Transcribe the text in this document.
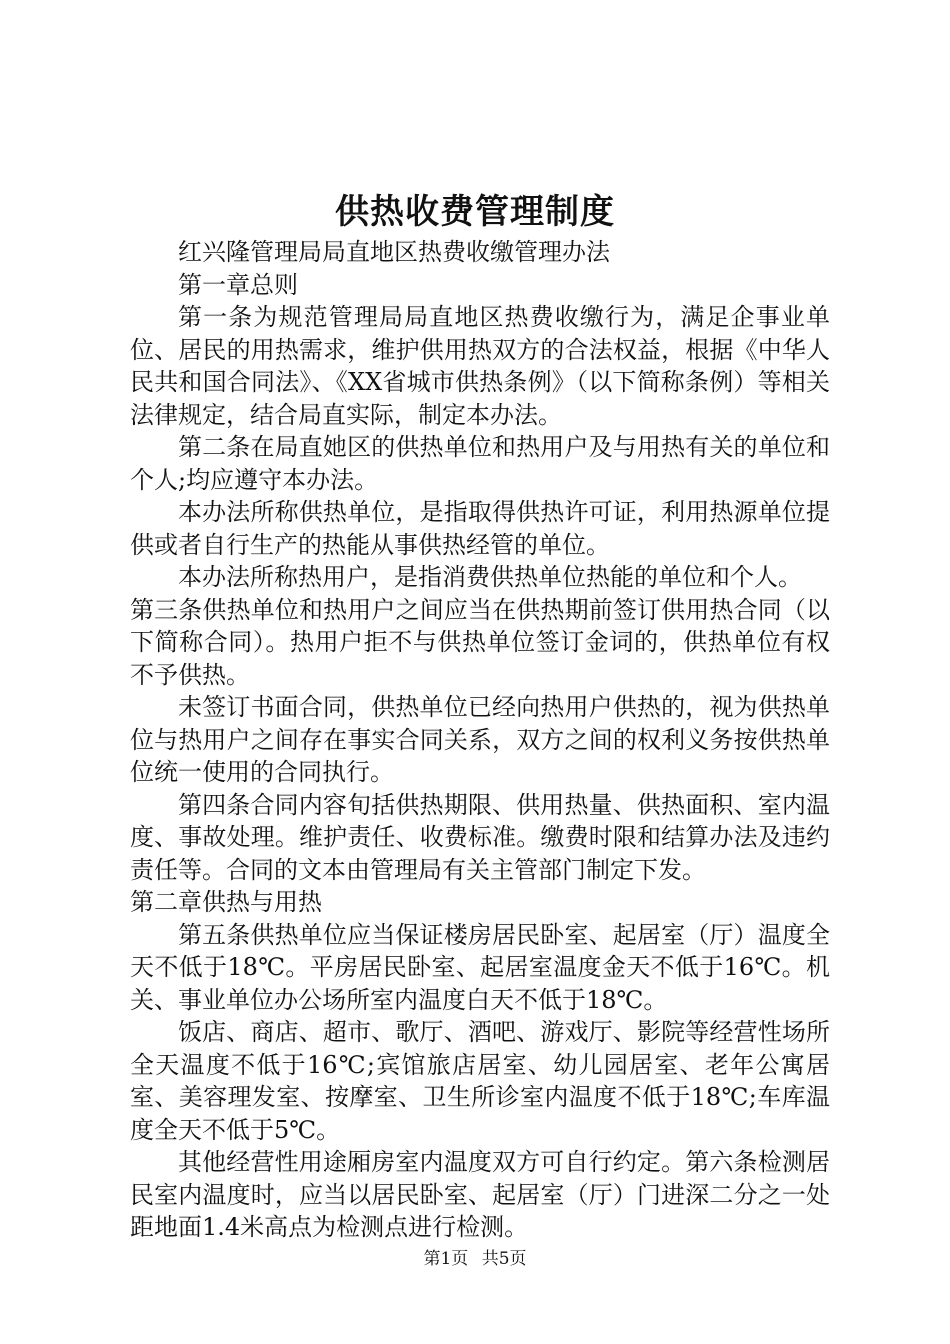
供热收费管理制度

红兴隆管理局局直地区热费收缴管理办法

第一章总则

第一条为规范管理局局直地区热费收缴行为，满足企事业单位、居民的用热需求，维护供用热双方的合法权益，根据《中华人民共和国合同法》、《XX省城市供热条例》（以下简称条例）等相关法律规定，结合局直实际，制定本办法。

第二条在局直她区的供热单位和热用户及与用热有关的单位和个人;均应遵守本办法。

本办法所称供热单位，是指取得供热许可证，利用热源单位提供或者自行生产的热能从事供热经管的单位。

本办法所称热用户，是指消费供热单位热能的单位和个人。

第三条供热单位和热用户之间应当在供热期前签订供用热合同（以下简称合同）。热用户拒不与供热单位签订金词的，供热单位有权不予供热。

未签订书面合同，供热单位已经向热用户供热的，视为供热单位与热用户之间存在事实合同关系，双方之间的权利义务按供热单位统一使用的合同执行。

第四条合同内容旬括供热期限、供用热量、供热面积、室内温度、事故处理。维护责任、收费标准。缴费时限和结算办法及违约责任等。合同的文本由管理局有关主管部门制定下发。

第二章供热与用热

第五条供热单位应当保证楼房居民卧室、起居室（厅）温度全天不低于18℃。平房居民卧室、起居室温度金天不低于16℃。机关、事业单位办公场所室内温度白天不低于18℃。

饭店、商店、超市、歌厅、酒吧、游戏厅、影院等经营性场所全天温度不低于16℃;宾馆旅店居室、幼儿园居室、老年公寓居室、美容理发室、按摩室、卫生所诊室内温度不低于18℃;车库温度全天不低于5℃。

其他经营性用途厢房室内温度双方可自行约定。第六条检测居民室内温度时，应当以居民卧室、起居室（厅）门进深二分之一处距地面1.4米高点为检测点进行检测。

第1页 共5页
